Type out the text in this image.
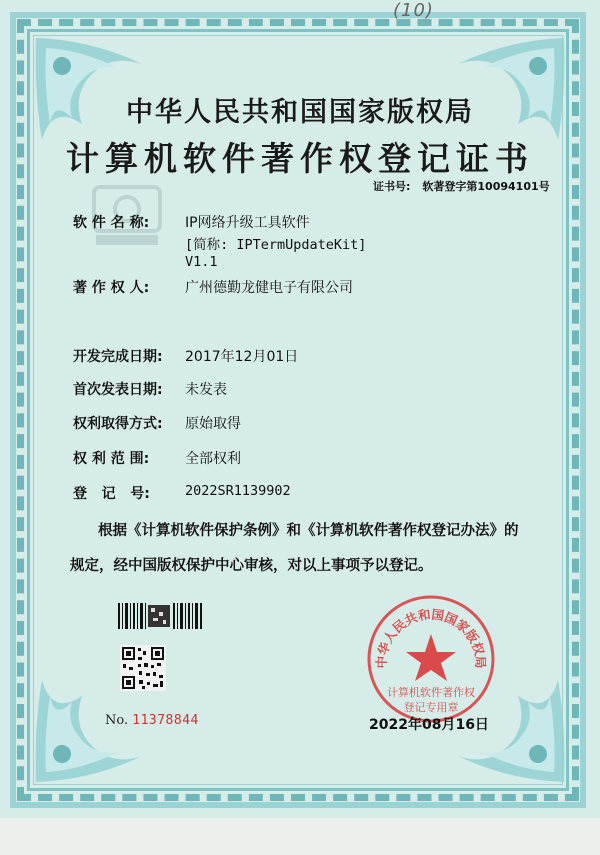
中华人民共和国国家版权局
计算机软件著作权登记证书
证书号: 软著登字第10094101号
软 件 名 称:	IP网络升级工具软件
[简称: IPTermUpdateKit]
V1.1
著 作 权 人:	广州德勤龙健电子有限公司
开发完成日期: 2017年12月01日
首次发表日期: 未发表
权利取得方式: 原始取得
权 利 范 围:	全部权利
登   记   号:	2022SR1139902
根据《计算机软件保护条例》和《计算机软件著作权登记办法》的
规定，经中国版权保护中心审核，对以上事项予以登记。
No. 11378844
中华人民共和国国家版权局
计算机软件著作权
登记专用章
2022年08月16日
(10)
